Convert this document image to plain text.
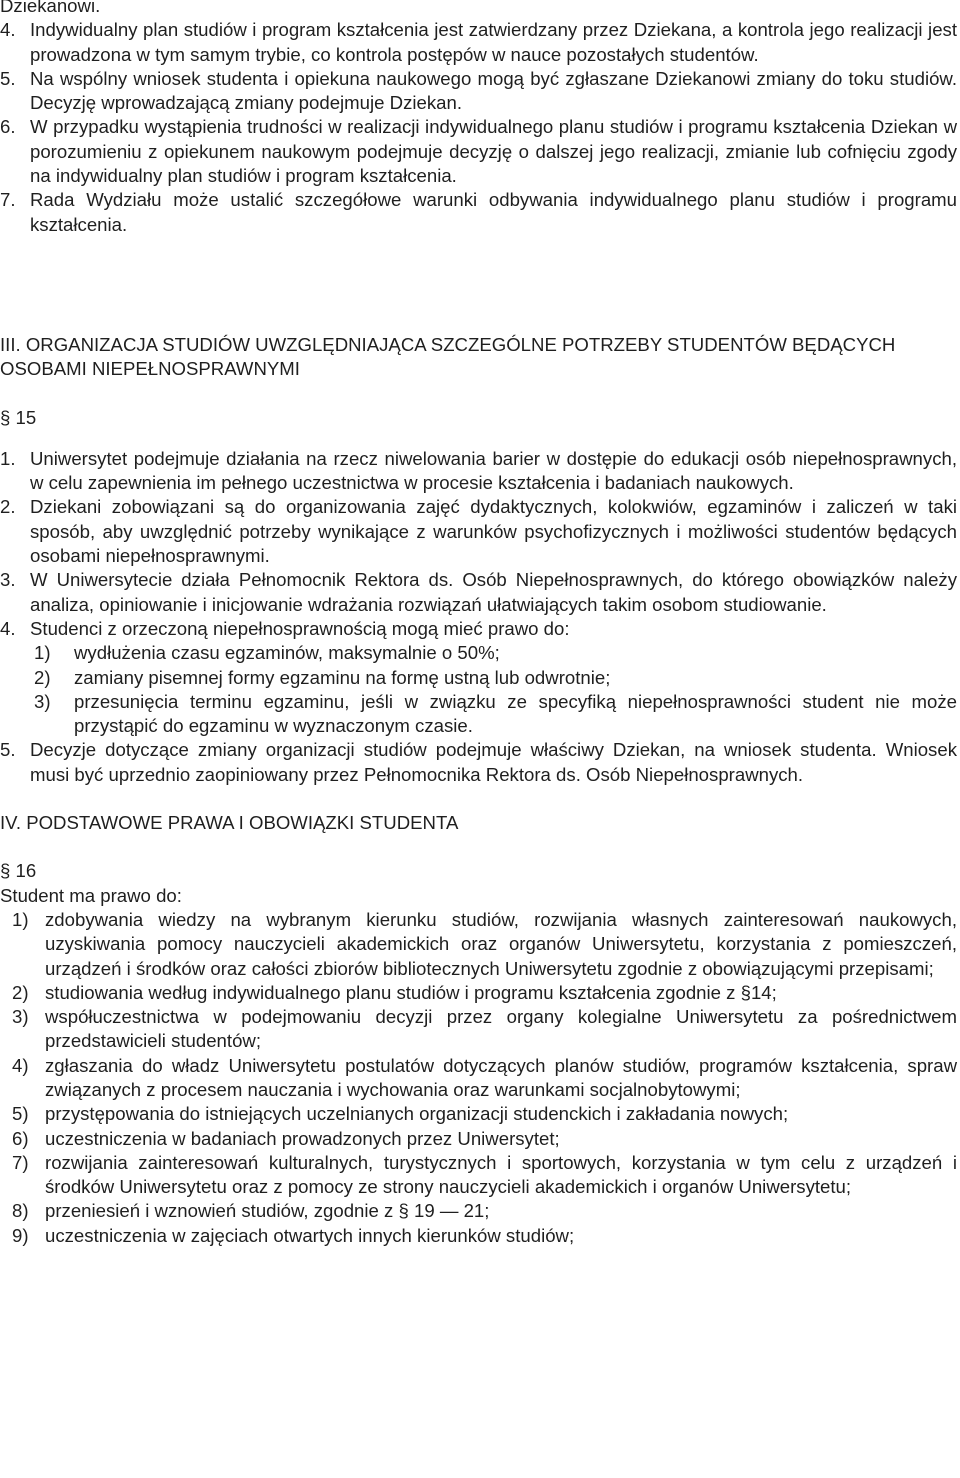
Dziekanowi.

4. Indywidualny plan studiów i program kształcenia jest zatwierdzany przez Dziekana, a kontrola jego realizacji jest prowadzona w tym samym trybie, co kontrola postępów w nauce pozostałych studentów.

5. Na wspólny wniosek studenta i opiekuna naukowego mogą być zgłaszane Dziekanowi zmiany do toku studiów. Decyzję wprowadzającą zmiany podejmuje Dziekan.

6. W przypadku wystąpienia trudności w realizacji indywidualnego planu studiów i programu kształcenia Dziekan w porozumieniu z opiekunem naukowym podejmuje decyzję o dalszej jego realizacji, zmianie lub cofnięciu zgody na indywidualny plan studiów i program kształcenia.

7. Rada Wydziału może ustalić szczegółowe warunki odbywania indywidualnego planu studiów i programu kształcenia.

III. ORGANIZACJA STUDIÓW UWZGLĘDNIAJĄCA SZCZEGÓLNE POTRZEBY STUDENTÓW BĘDĄCYCH OSOBAMI NIEPEŁNOSPRAWNYMI

§ 15

1. Uniwersytet podejmuje działania na rzecz niwelowania barier w dostępie do edukacji osób niepełnosprawnych, w celu zapewnienia im pełnego uczestnictwa w procesie kształcenia i badaniach naukowych.

2. Dziekani zobowiązani są do organizowania zajęć dydaktycznych, kolokwiów, egzaminów i zaliczeń w taki sposób, aby uwzględnić potrzeby wynikające z warunków psychofizycznych i możliwości studentów będących osobami niepełnosprawnymi.

3. W Uniwersytecie działa Pełnomocnik Rektora ds. Osób Niepełnosprawnych, do którego obowiązków należy analiza, opiniowanie i inicjowanie wdrażania rozwiązań ułatwiających takim osobom studiowanie.

4. Studenci z orzeczoną niepełnosprawnością mogą mieć prawo do:

1) wydłużenia czasu egzaminów, maksymalnie o 50%;

2) zamiany pisemnej formy egzaminu na formę ustną lub odwrotnie;

3) przesunięcia terminu egzaminu, jeśli w związku ze specyfiką niepełnosprawności student nie może przystąpić do egzaminu w wyznaczonym czasie.

5. Decyzje dotyczące zmiany organizacji studiów podejmuje właściwy Dziekan, na wniosek studenta. Wniosek musi być uprzednio zaopiniowany przez Pełnomocnika Rektora ds. Osób Niepełnosprawnych.

IV. PODSTAWOWE PRAWA I OBOWIĄZKI STUDENTA

§ 16

Student ma prawo do:

1) zdobywania wiedzy na wybranym kierunku studiów, rozwijania własnych zainteresowań naukowych, uzyskiwania pomocy nauczycieli akademickich oraz organów Uniwersytetu, korzystania z pomieszczeń, urządzeń i środków oraz całości zbiorów bibliotecznych Uniwersytetu zgodnie z obowiązującymi przepisami;

2) studiowania według indywidualnego planu studiów i programu kształcenia zgodnie z §14;

3) współuczestnictwa w podejmowaniu decyzji przez organy kolegialne Uniwersytetu za pośrednictwem przedstawicieli studentów;

4) zgłaszania do władz Uniwersytetu postulatów dotyczących planów studiów, programów kształcenia, spraw związanych z procesem nauczania i wychowania oraz warunkami socjalnobytowymi;

5) przystępowania do istniejących uczelnianych organizacji studenckich i zakładania nowych;

6) uczestniczenia w badaniach prowadzonych przez Uniwersytet;

7) rozwijania zainteresowań kulturalnych, turystycznych i sportowych, korzystania w tym celu z urządzeń i środków Uniwersytetu oraz z pomocy ze strony nauczycieli akademickich i organów Uniwersytetu;

8) przeniesień i wznowień studiów, zgodnie z § 19 — 21;

9) uczestniczenia w zajęciach otwartych innych kierunków studiów;
